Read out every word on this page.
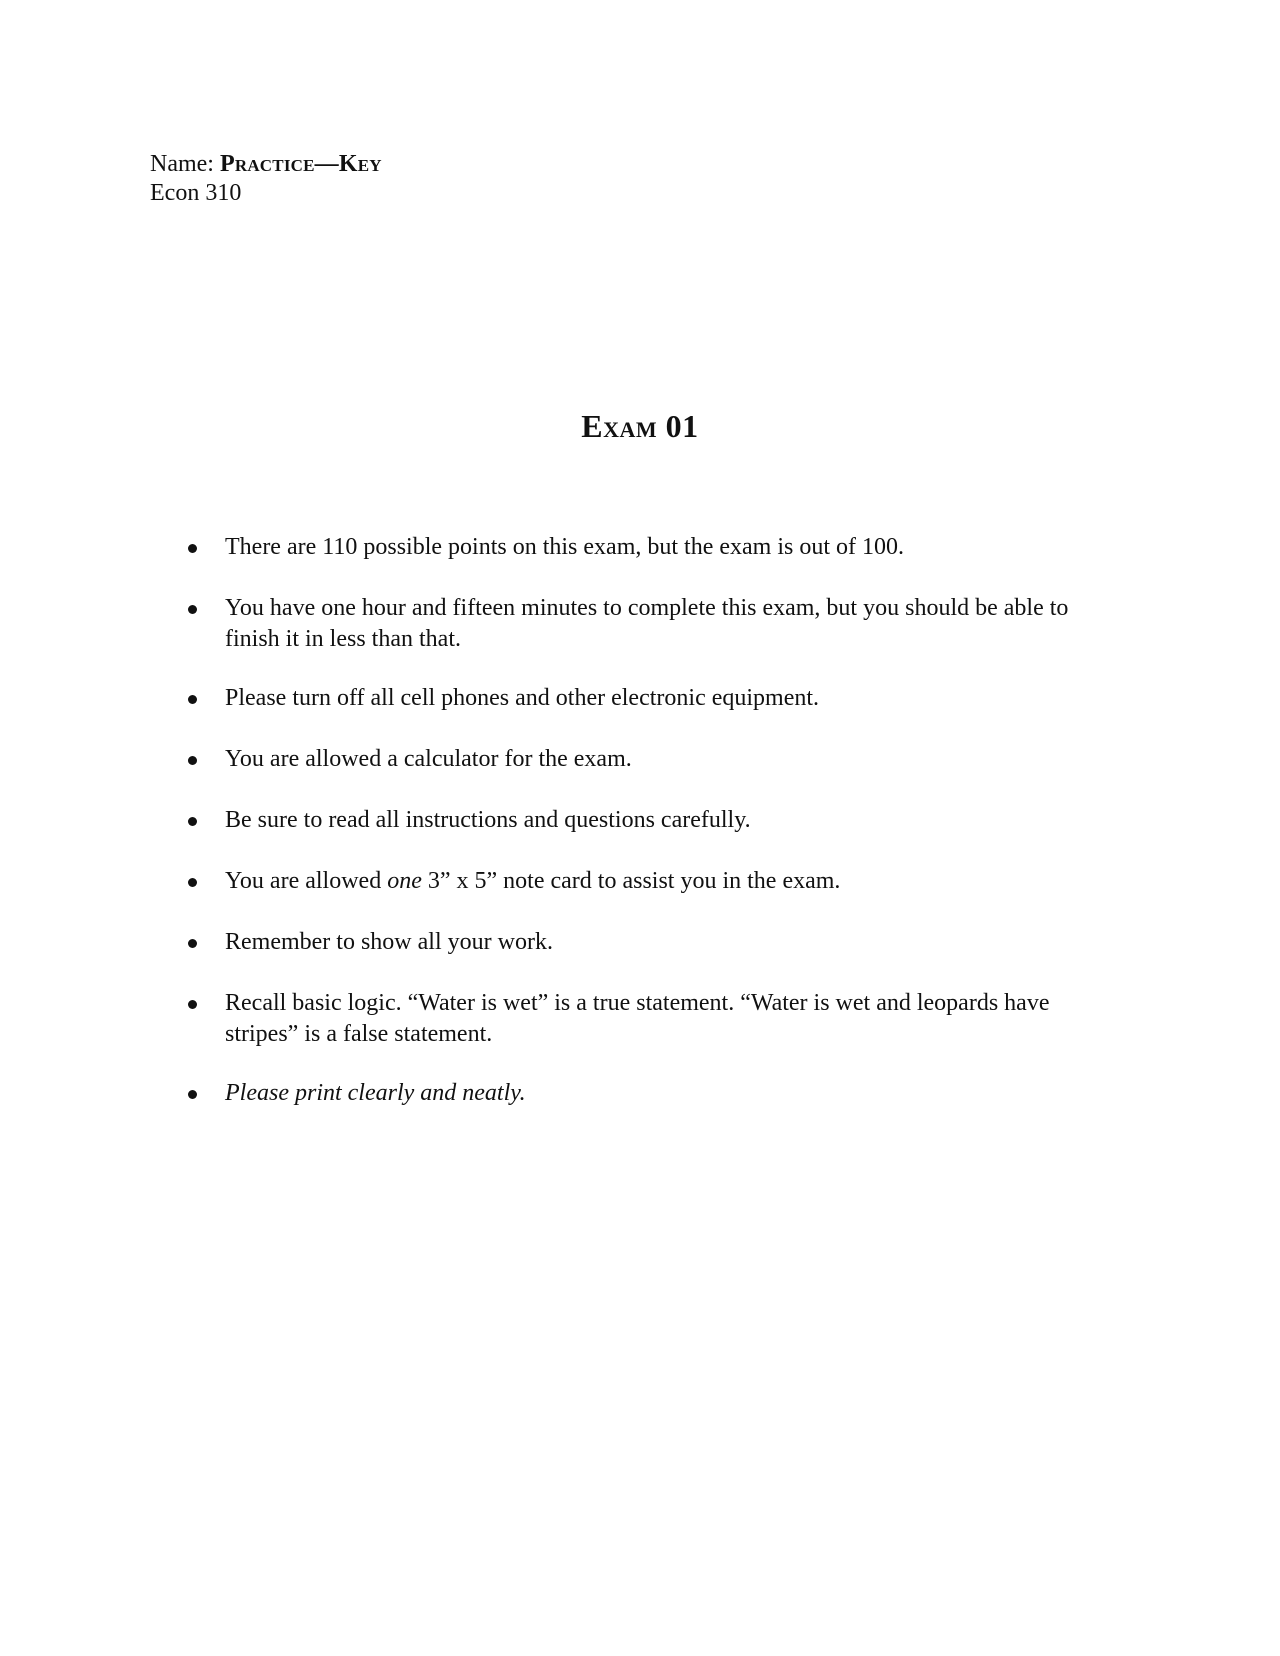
Name: Practice—Key
Econ 310
Exam 01
There are 110 possible points on this exam, but the exam is out of 100.
You have one hour and fifteen minutes to complete this exam, but you should be able to finish it in less than that.
Please turn off all cell phones and other electronic equipment.
You are allowed a calculator for the exam.
Be sure to read all instructions and questions carefully.
You are allowed one 3” x 5” note card to assist you in the exam.
Remember to show all your work.
Recall basic logic. “Water is wet” is a true statement. “Water is wet and leopards have stripes” is a false statement.
Please print clearly and neatly.
